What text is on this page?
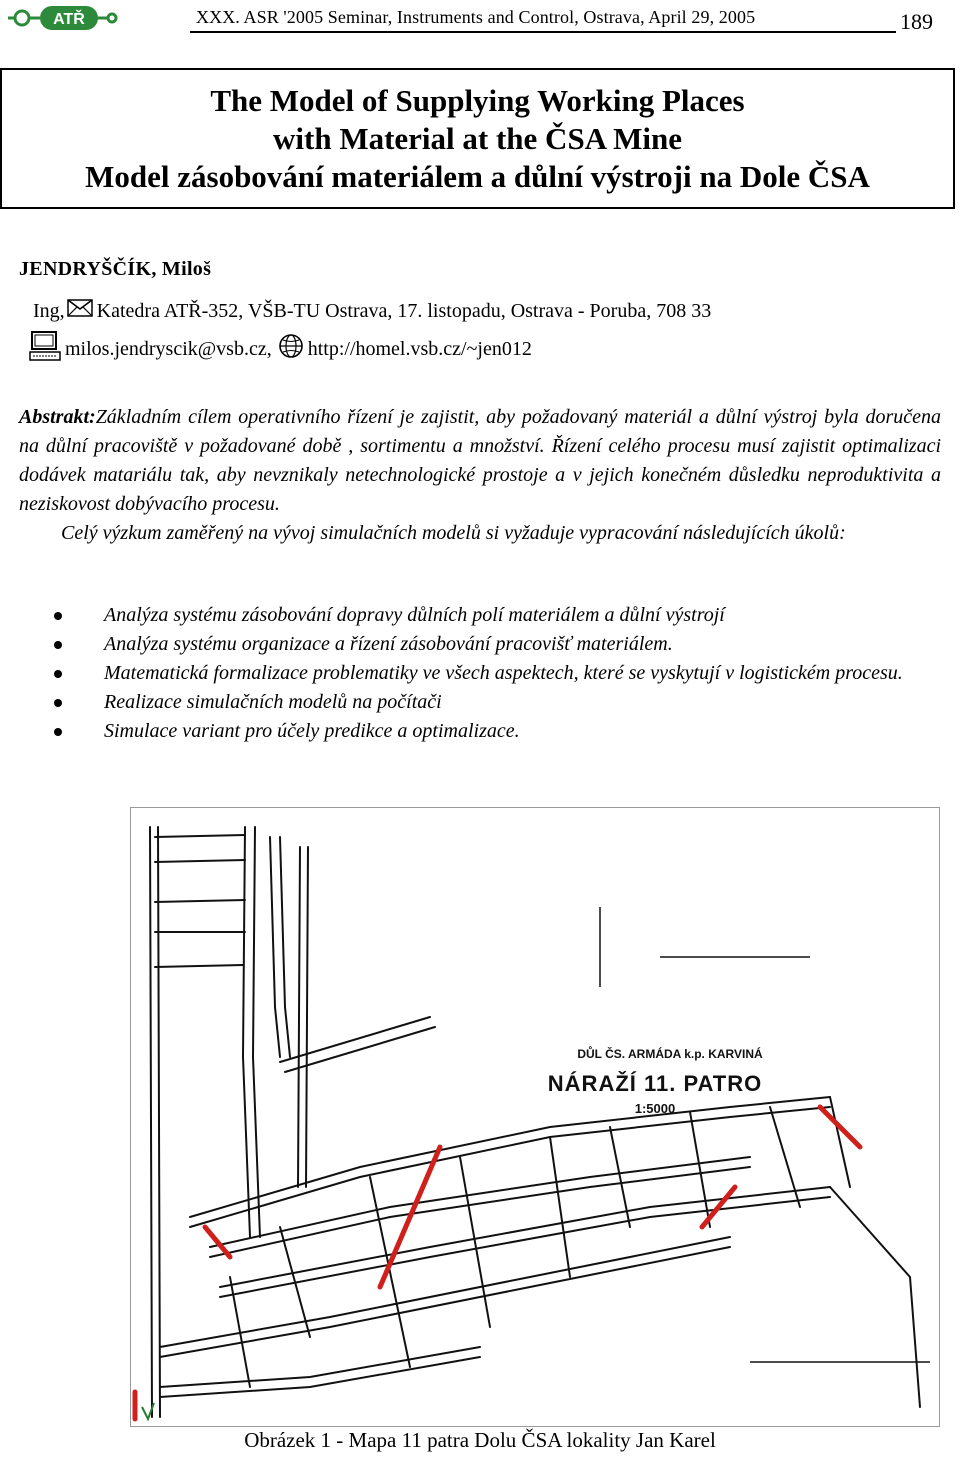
ATŘ	XXX. ASR '2005 Seminar, Instruments and Control, Ostrava, April 29, 2005	189
The Model of Supplying Working Places
with Material at the ČSA Mine
Model zásobování materiálem a důlní výstroji na Dole ČSA
JENDRYŠČÍK, Miloš
Ing, Katedra ATŘ-352, VŠB-TU Ostrava, 17. listopadu, Ostrava - Poruba, 708 33
milos.jendryscik@vsb.cz, http://homel.vsb.cz/~jen012

Abstrakt:Základním cílem operativního řízení je zajistit, aby požadovaný materiál a důlní výstroj byla doručena na důlní pracoviště v požadované době , sortimentu a množství. Řízení celého procesu musí zajistit optimalizaci dodávek matariálu tak, aby nevznikaly netechnologické prostoje a v jejich konečném důsledku neproduktivita a neziskovost dobývacího procesu.

Celý výzkum zaměřený na vývoj simulačních modelů si vyžaduje vypracování následujících úkolů:

Analýza systému zásobování dopravy důlních polí materiálem a důlní výstrojí
Analýza systému organizace a řízení zásobování pracovišť materiálem.
Matematická formalizace problematiky ve všech aspektech, které se vyskytují v logistickém procesu.
Realizace simulačních modelů na počítači
Simulace variant pro účely predikce a optimalizace.
DŮL ČS. ARMÁDA k.p. KARVINÁ
NÁRAŽÍ 11. PATRO
1:5000
Obrázek 1 - Mapa 11 patra Dolu ČSA lokality Jan Karel
